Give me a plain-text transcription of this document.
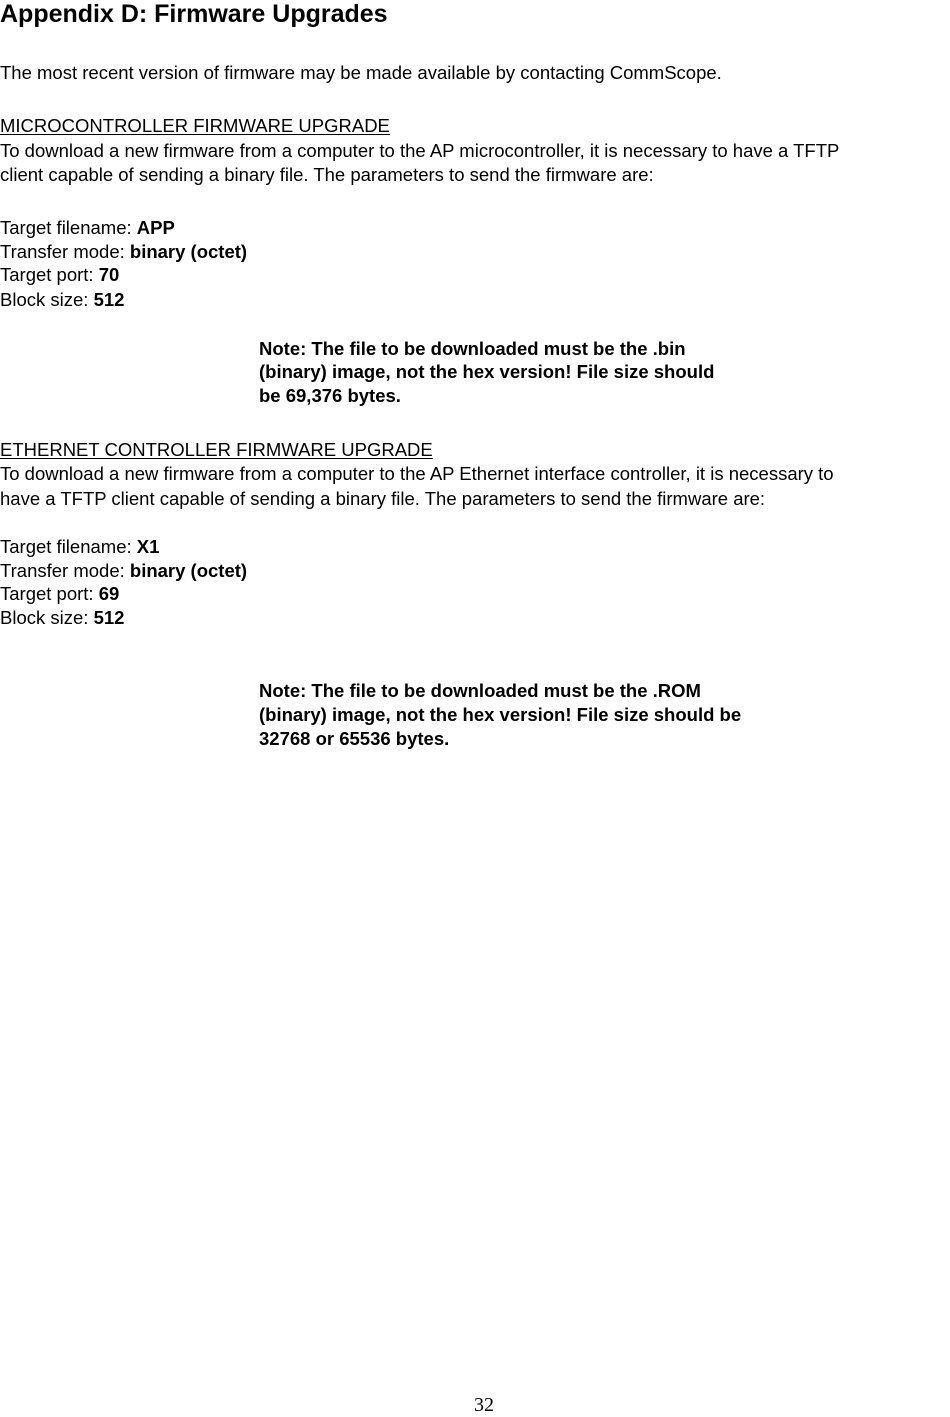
Appendix D: Firmware Upgrades
The most recent version of firmware may be made available by contacting CommScope.
MICROCONTROLLER FIRMWARE UPGRADE
To download a new firmware from a computer to the AP microcontroller, it is necessary to have a TFTP
client capable of sending a binary file. The parameters to send the firmware are:
Target filename: APP
Transfer mode: binary (octet)
Target port: 70
Block size: 512
Note: The file to be downloaded must be the .bin
(binary) image, not the hex version! File size should
be 69,376 bytes.
ETHERNET CONTROLLER FIRMWARE UPGRADE
To download a new firmware from a computer to the AP Ethernet interface controller, it is necessary to
have a TFTP client capable of sending a binary file. The parameters to send the firmware are:
Target filename: X1
Transfer mode: binary (octet)
Target port: 69
Block size: 512
Note: The file to be downloaded must be the .ROM
(binary) image, not the hex version! File size should be
32768 or 65536 bytes.
32
